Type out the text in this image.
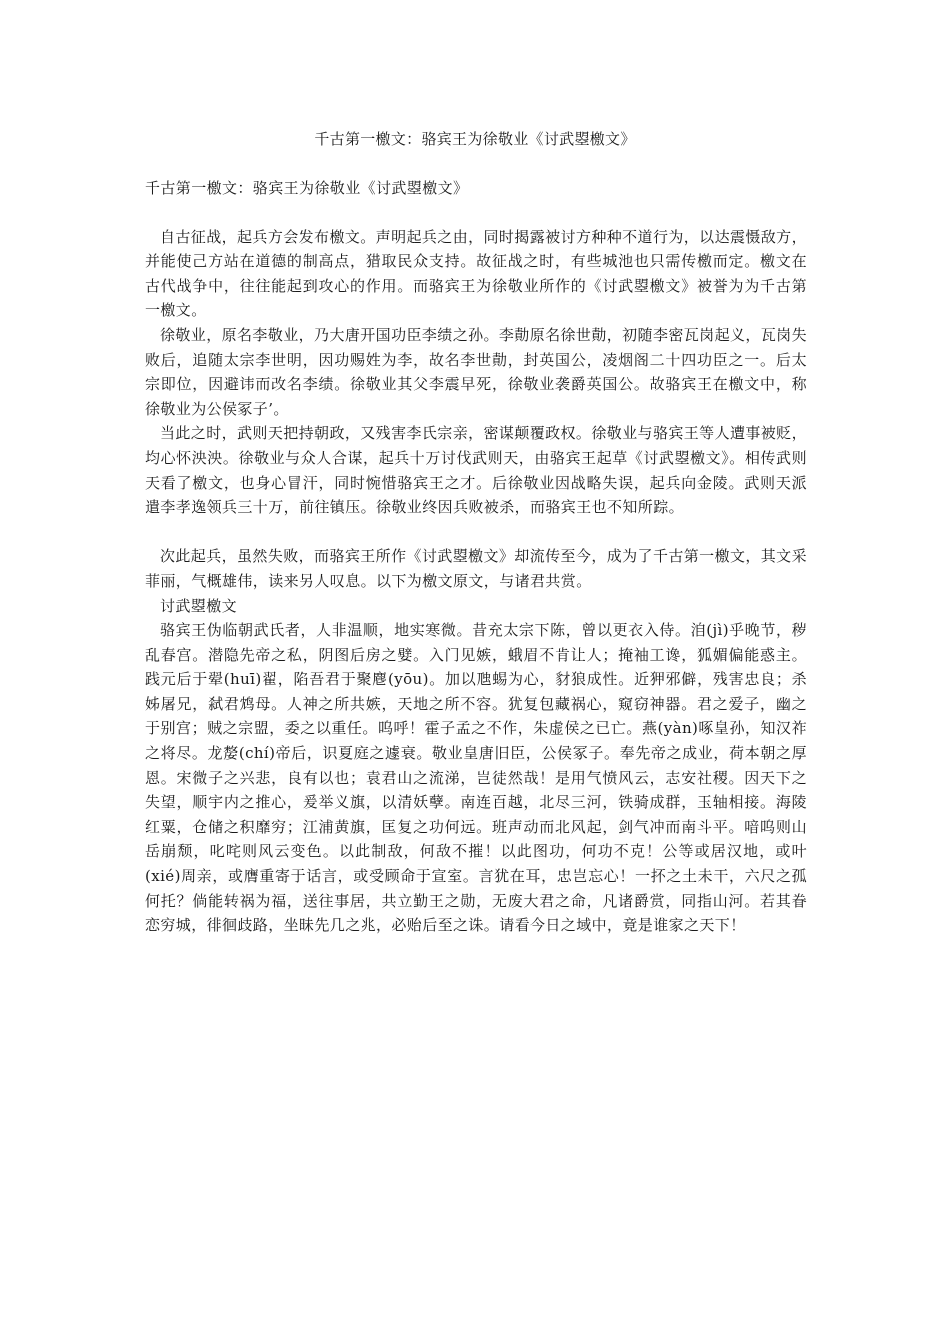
千古第一檄文：骆宾王为徐敬业《讨武曌檄文》

千古第一檄文：骆宾王为徐敬业《讨武曌檄文》

自古征战，起兵方会发布檄文。声明起兵之由，同时揭露被讨方种种不道行为，以达震慑敌方，并能使己方站在道德的制高点，猎取民众支持。故征战之时，有些城池也只需传檄而定。檄文在古代战争中，往往能起到攻心的作用。而骆宾王为徐敬业所作的《讨武曌檄文》被誉为为千古第一檄文。

徐敬业，原名李敬业，乃大唐开国功臣李绩之孙。李勣原名徐世勣，初随李密瓦岗起义，瓦岗失败后，追随太宗李世明，因功赐姓为李，故名李世勣，封英国公，凌烟阁二十四功臣之一。后太宗即位，因避讳而改名李绩。徐敬业其父李震早死，徐敬业袭爵英国公。故骆宾王在檄文中，称徐敬业为公侯冢子’。

当此之时，武则天把持朝政，又残害李氏宗亲，密谋颠覆政权。徐敬业与骆宾王等人遭事被贬，均心怀泱泱。徐敬业与众人合谋，起兵十万讨伐武则天，由骆宾王起草《讨武曌檄文》。相传武则天看了檄文，也身心冒汗，同时惋惜骆宾王之才。后徐敬业因战略失误，起兵向金陵。武则天派遣李孝逸领兵三十万，前往镇压。徐敬业终因兵败被杀，而骆宾王也不知所踪。

次此起兵，虽然失败，而骆宾王所作《讨武曌檄文》却流传至今，成为了千古第一檄文，其文采菲丽，气概雄伟，读来另人叹息。以下为檄文原文，与诸君共赏。

讨武曌檄文

骆宾王伪临朝武氏者，人非温顺，地实寒微。昔充太宗下陈，曾以更衣入侍。洎(jì)乎晚节，秽乱春宫。潜隐先帝之私，阴图后房之嬖。入门见嫉，蛾眉不肯让人；掩袖工谗，狐媚偏能惑主。践元后于翚(huī)翟，陷吾君于聚麀(yōu)。加以虺蜴为心，豺狼成性。近狎邪僻，残害忠良；杀姊屠兄，弑君鸩母。人神之所共嫉，天地之所不容。犹复包藏祸心，窥窃神器。君之爱子，幽之于别宫；贼之宗盟，委之以重任。呜呼！霍子孟之不作，朱虚侯之已亡。燕(yàn)啄皇孙，知汉祚之将尽。龙嫠(chí)帝后，识夏庭之遽衰。敬业皇唐旧臣，公侯冢子。奉先帝之成业，荷本朝之厚恩。宋微子之兴悲，良有以也；袁君山之流涕，岂徒然哉！是用气愤风云，志安社稷。因天下之失望，顺宇内之推心，爰举义旗，以清妖孽。南连百越，北尽三河，铁骑成群，玉轴相接。海陵红粟，仓储之积靡穷；江浦黄旗，匡复之功何远。班声动而北风起，剑气冲而南斗平。喑呜则山岳崩颓，叱咤则风云变色。以此制敌，何敌不摧！以此图功，何功不克！公等或居汉地，或叶(xié)周亲，或膺重寄于话言，或受顾命于宣室。言犹在耳，忠岂忘心！一抔之土未干，六尺之孤何托？倘能转祸为福，送往事居，共立勤王之勋，无废大君之命，凡诸爵赏，同指山河。若其眷恋穷城，徘徊歧路，坐昧先几之兆，必贻后至之诛。请看今日之域中，竟是谁家之天下！
